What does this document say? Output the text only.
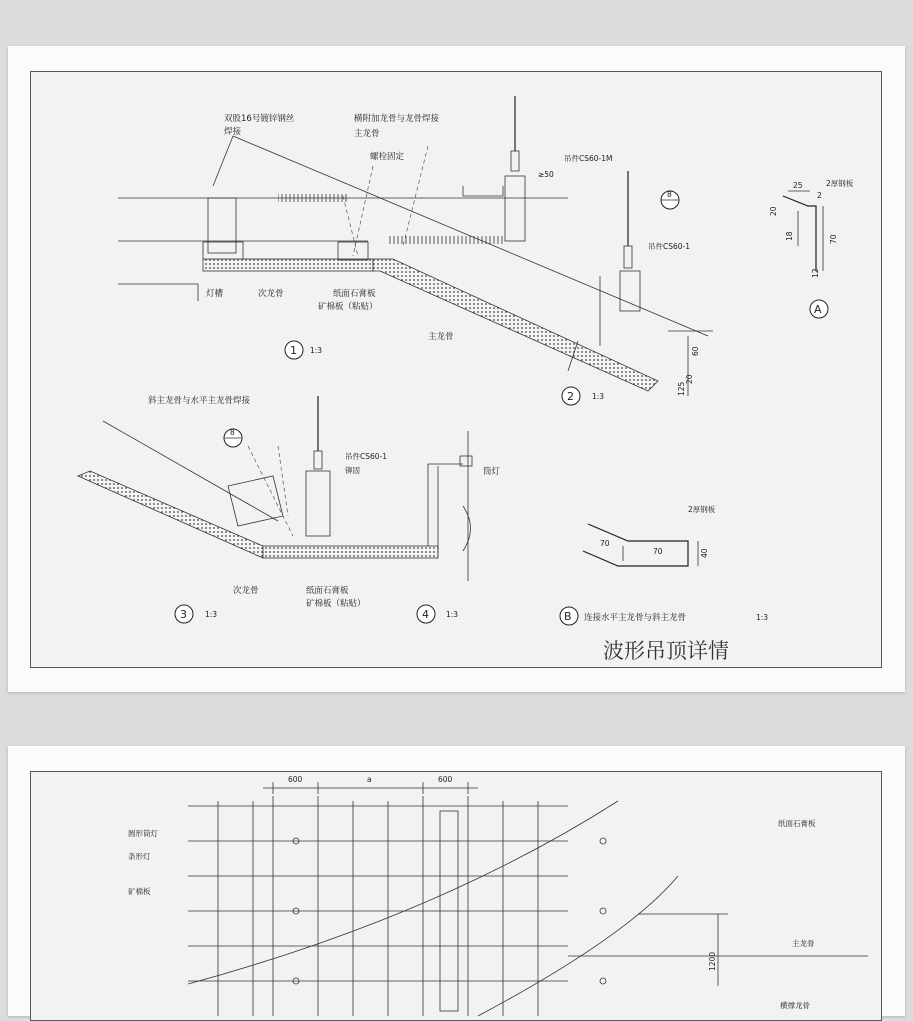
双股16号镀锌钢丝
焊接
横附加龙骨与龙骨焊接
主龙骨
螺栓固定	吊件CS60-1M
≥50
灯槽	次龙骨	纸面石膏板
矿棉板（粘贴）
主龙骨
1 1:3
8
吊件CS60-1
60
125
20
2 1:3
A
25
2
20
18	70
12
2厚钢板
8
斜主龙骨与水平主龙骨焊接
吊件CS60-1
铆固
次龙骨	纸面石膏板
矿棉板（粘贴）
3 1:3
筒灯
4 1:3
2厚钢板
70
70	40
B 连接水平主龙骨与斜主龙骨	1:3
波形吊顶详情
600	a	600
1200
圆形筒灯
条形灯
矿棉板
纸面石膏板
主龙骨
横撑龙骨
